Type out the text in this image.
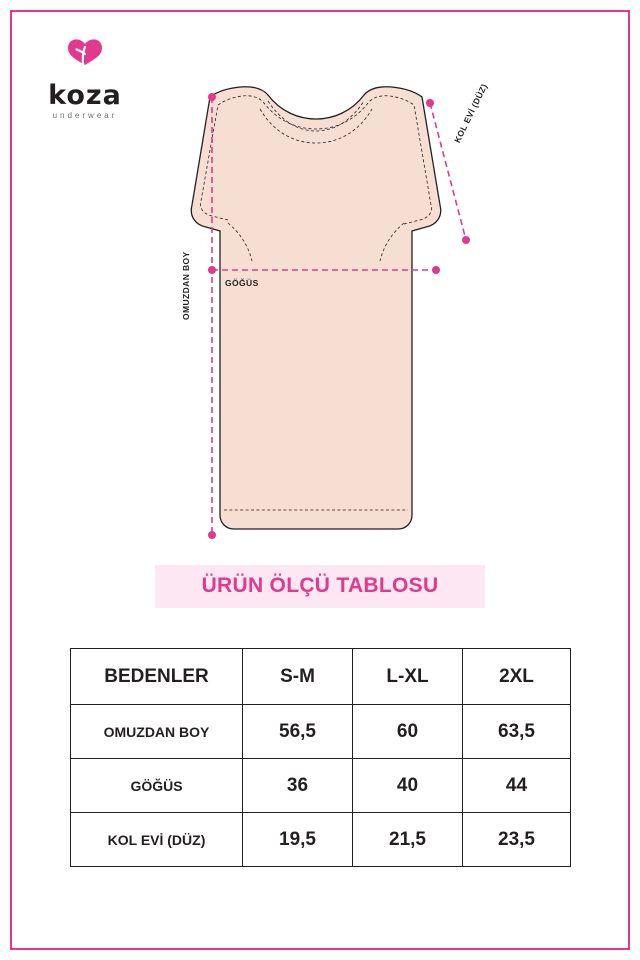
koza
underwear
GÖĞÜS
OMUZDAN BOY
KOL EVİ (DÜZ)
ÜRÜN ÖLÇÜ TABLOSU
BEDENLER	S-M	L-XL	2XL
OMUZDAN BOY	56,5	60	63,5
GÖĞÜS	36	40	44
KOL EVİ (DÜZ)	19,5	21,5	23,5
